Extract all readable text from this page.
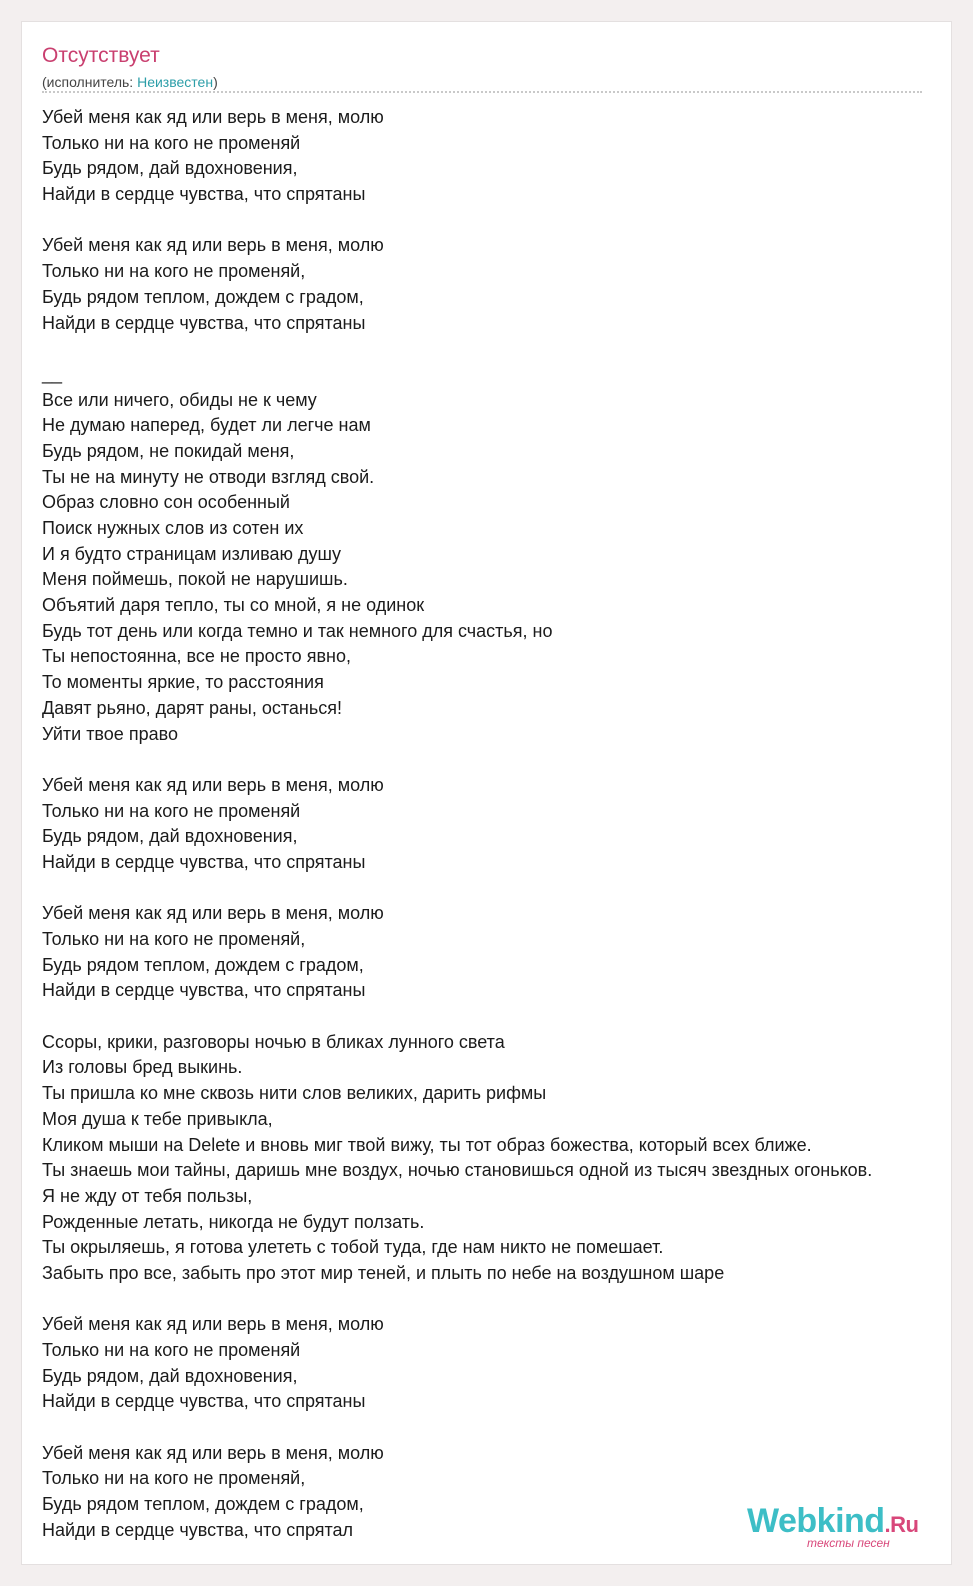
Отсутствует
(исполнитель: Неизвестен)
Убей меня как яд или верь в меня, молю
Только ни на кого не променяй
Будь рядом, дай вдохновения,
Найди в сердце чувства, что спрятаны
Убей меня как яд или верь в меня, молю
Только ни на кого не променяй,
Будь рядом теплом, дождем с градом,
Найди в сердце чувства, что спрятаны
__
Все или ничего, обиды не к чему
Не думаю наперед, будет ли легче нам
Будь рядом, не покидай меня,
Ты не на минуту не отводи взгляд свой.
Образ словно сон особенный
Поиск нужных слов из сотен их
И я будто страницам изливаю душу
Меня поймешь, покой не нарушишь.
Объятий даря тепло, ты со мной, я не одинок
Будь тот день или когда темно и так немного для счастья, но
Ты непостоянна, все не просто явно,
То моменты яркие, то расстояния
Давят рьяно, дарят раны, останься!
Уйти твое право
Убей меня как яд или верь в меня, молю
Только ни на кого не променяй
Будь рядом, дай вдохновения,
Найди в сердце чувства, что спрятаны
Убей меня как яд или верь в меня, молю
Только ни на кого не променяй,
Будь рядом теплом, дождем с градом,
Найди в сердце чувства, что спрятаны
Ссоры, крики, разговоры ночью в бликах лунного света
Из головы бред выкинь.
Ты пришла ко мне сквозь нити слов великих, дарить рифмы
Моя душа к тебе привыкла,
Кликом мыши на Delete и вновь миг твой вижу, ты тот образ божества, который всех ближе.
Ты знаешь мои тайны, даришь мне воздух, ночью становишься одной из тысяч звездных огоньков.
Я не жду от тебя пользы,
Рожденные летать, никогда не будут ползать.
Ты окрыляешь, я готова улететь с тобой туда, где нам никто не помешает.
Забыть про все, забыть про этот мир теней, и плыть по небе на воздушном шаре
Убей меня как яд или верь в меня, молю
Только ни на кого не променяй
Будь рядом, дай вдохновения,
Найди в сердце чувства, что спрятаны
Убей меня как яд или верь в меня, молю
Только ни на кого не променяй,
Будь рядом теплом, дождем с градом,
Найди в сердце чувства, что спрятал	Webkind.Ru
тексты песен
